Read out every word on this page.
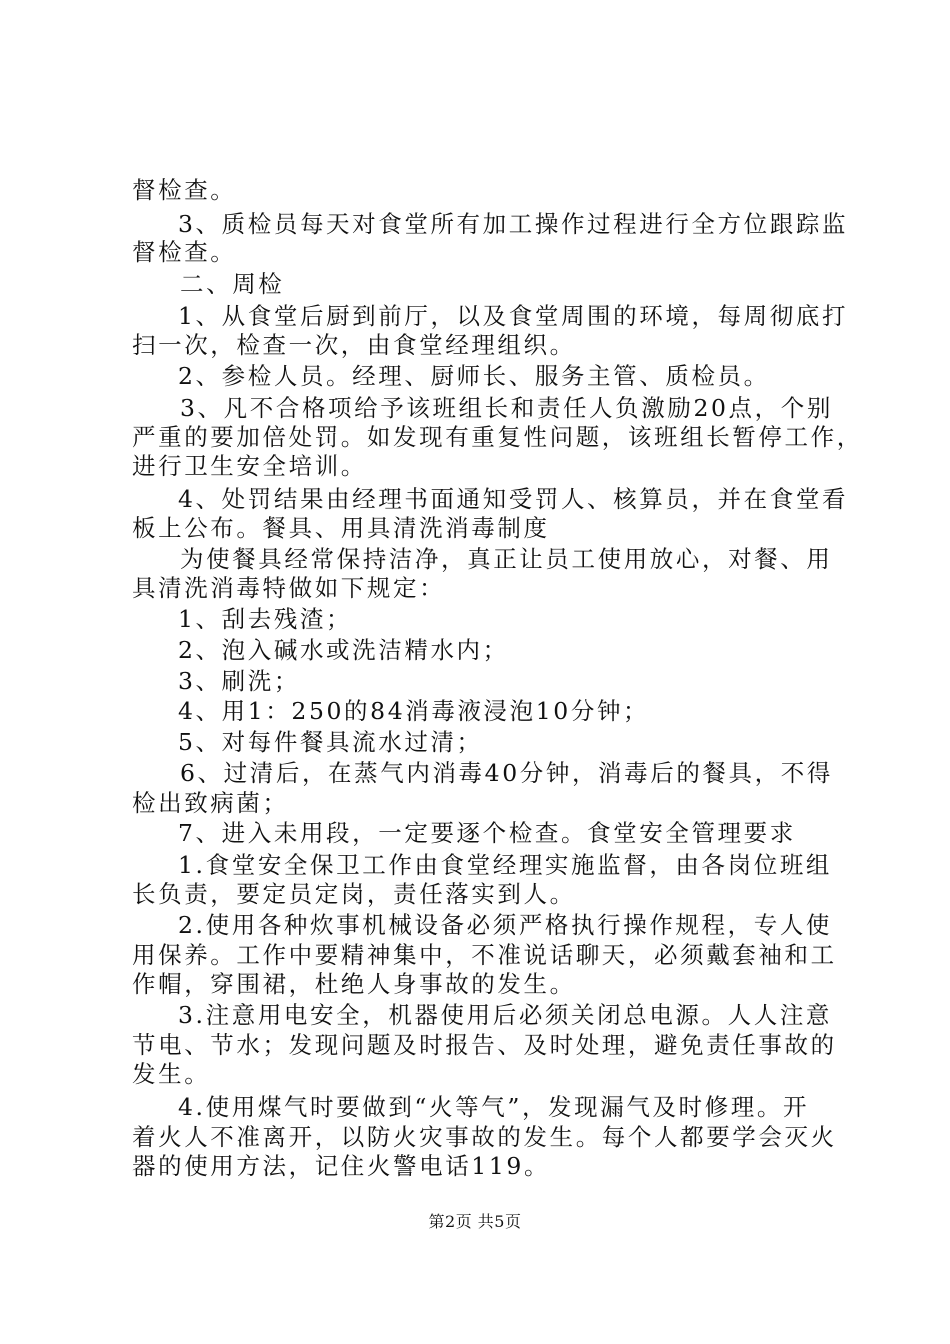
督检查。
3、质检员每天对食堂所有加工操作过程进行全方位跟踪监
督检查。
二、周检
1、从食堂后厨到前厅，以及食堂周围的环境，每周彻底打
扫一次，检查一次，由食堂经理组织。
2、参检人员。经理、厨师长、服务主管、质检员。
3、凡不合格项给予该班组长和责任人负激励20点，个别
严重的要加倍处罚。如发现有重复性问题，该班组长暂停工作，
进行卫生安全培训。
4、处罚结果由经理书面通知受罚人、核算员，并在食堂看
板上公布。餐具、用具清洗消毒制度
为使餐具经常保持洁净，真正让员工使用放心，对餐、用
具清洗消毒特做如下规定：
1、刮去残渣；
2、泡入碱水或洗洁精水内；
3、刷洗；
4、用1：250的84消毒液浸泡10分钟；
5、对每件餐具流水过清；
6、过清后，在蒸气内消毒40分钟，消毒后的餐具，不得
检出致病菌；
7、进入未用段，一定要逐个检查。食堂安全管理要求
1.食堂安全保卫工作由食堂经理实施监督，由各岗位班组
长负责，要定员定岗，责任落实到人。
2.使用各种炊事机械设备必须严格执行操作规程，专人使
用保养。工作中要精神集中，不准说话聊天，必须戴套袖和工
作帽，穿围裙，杜绝人身事故的发生。
3.注意用电安全，机器使用后必须关闭总电源。人人注意
节电、节水；发现问题及时报告、及时处理，避免责任事故的
发生。
4.使用煤气时要做到“火等气”，发现漏气及时修理。开
着火人不准离开，以防火灾事故的发生。每个人都要学会灭火
器的使用方法，记住火警电话119。
第2页 共5页
